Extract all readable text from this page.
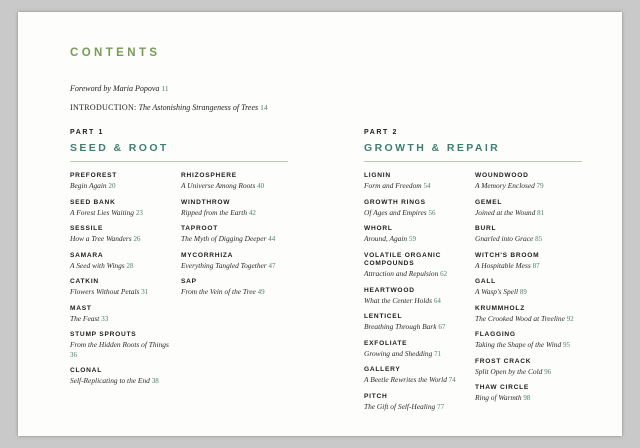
CONTENTS
Foreword by Maria Popova 11
INTRODUCTION: The Astonishing Strangeness of Trees 14
PART 1
SEED & ROOT
PREFOREST
Begin Again 20
SEED BANK
A Forest Lies Waiting 23
SESSILE
How a Tree Wanders 26
SAMARA
A Seed with Wings 28
CATKIN
Flowers Without Petals 31
MAST
The Feast 33
STUMP SPROUTS
From the Hidden Roots of Things 36
CLONAL
Self-Replicating to the End 38
RHIZOSPHERE
A Universe Among Roots 40
WINDTHROW
Ripped from the Earth 42
TAPROOT
The Myth of Digging Deeper 44
MYCORRHIZA
Everything Tangled Together 47
SAP
From the Vein of the Tree 49
PART 2
GROWTH & REPAIR
LIGNIN
Form and Freedom 54
GROWTH RINGS
Of Ages and Empires 56
WHORL
Around, Again 59
VOLATILE ORGANIC COMPOUNDS
Attraction and Repulsion 62
HEARTWOOD
What the Center Holds 64
LENTICEL
Breathing Through Bark 67
EXFOLIATE
Growing and Shedding 71
GALLERY
A Beetle Rewrites the World 74
PITCH
The Gift of Self-Healing 77
WOUNDWOOD
A Memory Enclosed 79
GEMEL
Joined at the Wound 81
BURL
Gnarled into Grace 85
WITCH'S BROOM
A Hospitable Mess 87
GALL
A Wasp's Spell 89
KRUMMHOLZ
The Crooked Wood at Treeline 92
FLAGGING
Taking the Shape of the Wind 95
FROST CRACK
Split Open by the Cold 96
THAW CIRCLE
Ring of Warmth 98
